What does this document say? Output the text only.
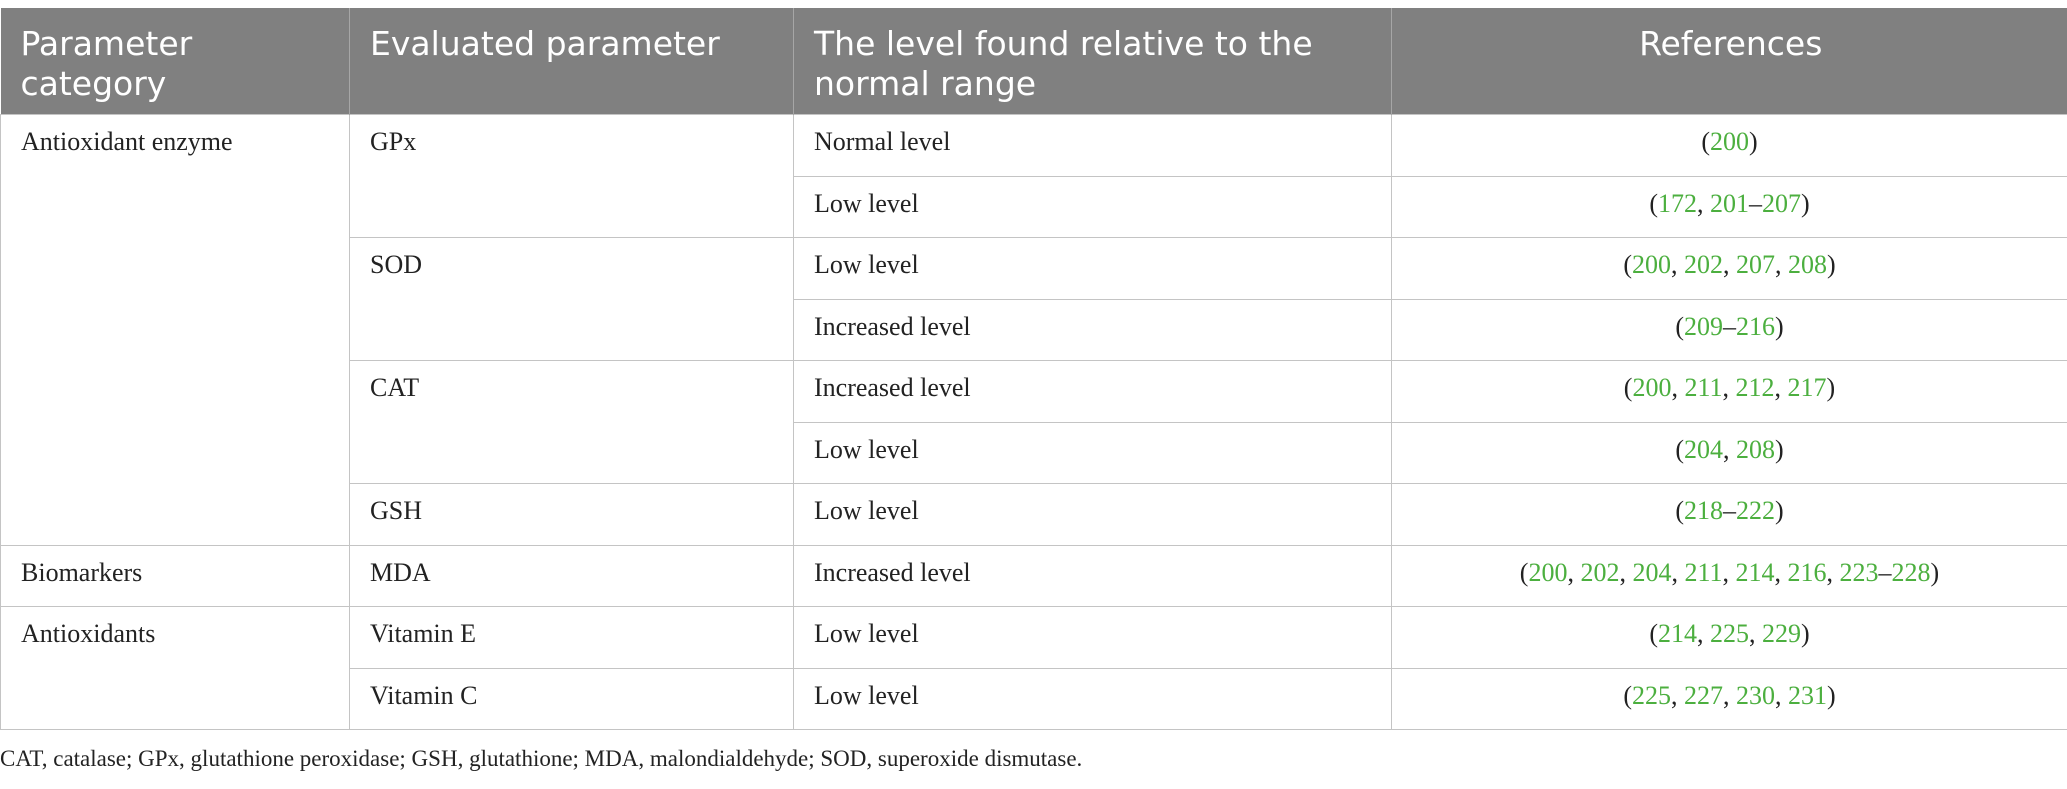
Parameter category	Evaluated parameter	The level found relative to the normal range	References
Antioxidant enzyme	GPx	Normal level	(200)
		Low level	(172, 201–207)
	SOD	Low level	(200, 202, 207, 208)
		Increased level	(209–216)
	CAT	Increased level	(200, 211, 212, 217)
		Low level	(204, 208)
	GSH	Low level	(218–222)
Biomarkers	MDA	Increased level	(200, 202, 204, 211, 214, 216, 223–228)
Antioxidants	Vitamin E	Low level	(214, 225, 229)
	Vitamin C	Low level	(225, 227, 230, 231)
CAT, catalase; GPx, glutathione peroxidase; GSH, glutathione; MDA, malondialdehyde; SOD, superoxide dismutase.
